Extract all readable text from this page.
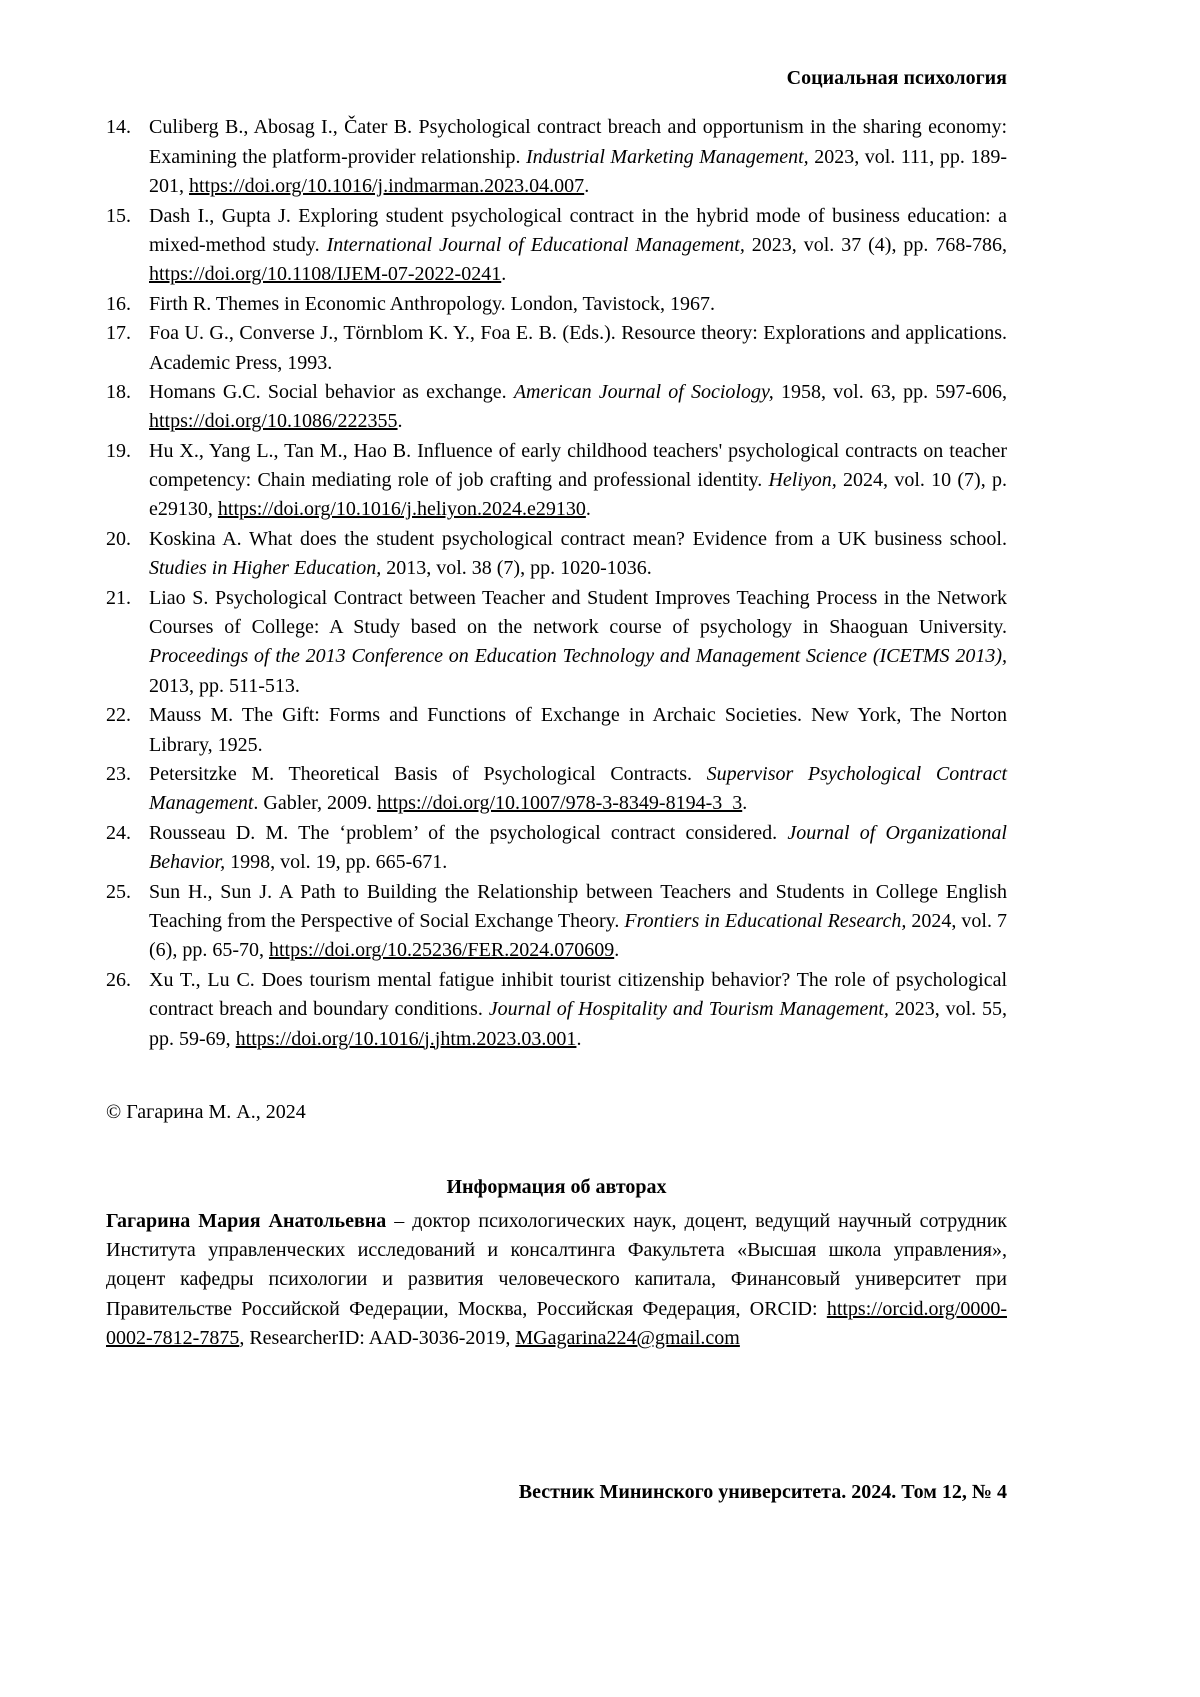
Социальная психология
14. Culiberg B., Abosag I., Čater B. Psychological contract breach and opportunism in the sharing economy: Examining the platform-provider relationship. Industrial Marketing Management, 2023, vol. 111, pp. 189-201, https://doi.org/10.1016/j.indmarman.2023.04.007.
15. Dash I., Gupta J. Exploring student psychological contract in the hybrid mode of business education: a mixed-method study. International Journal of Educational Management, 2023, vol. 37 (4), pp. 768-786, https://doi.org/10.1108/IJEM-07-2022-0241.
16. Firth R. Themes in Economic Anthropology. London, Tavistock, 1967.
17. Foa U. G., Converse J., Törnblom K. Y., Foa E. B. (Eds.). Resource theory: Explorations and applications. Academic Press, 1993.
18. Homans G.C. Social behavior as exchange. American Journal of Sociology, 1958, vol. 63, pp. 597-606, https://doi.org/10.1086/222355.
19. Hu X., Yang L., Tan M., Hao B. Influence of early childhood teachers' psychological contracts on teacher competency: Chain mediating role of job crafting and professional identity. Heliyon, 2024, vol. 10 (7), p. e29130, https://doi.org/10.1016/j.heliyon.2024.e29130.
20. Koskina A. What does the student psychological contract mean? Evidence from a UK business school. Studies in Higher Education, 2013, vol. 38 (7), pp. 1020-1036.
21. Liao S. Psychological Contract between Teacher and Student Improves Teaching Process in the Network Courses of College: A Study based on the network course of psychology in Shaoguan University. Proceedings of the 2013 Conference on Education Technology and Management Science (ICETMS 2013), 2013, pp. 511-513.
22. Mauss M. The Gift: Forms and Functions of Exchange in Archaic Societies. New York, The Norton Library, 1925.
23. Petersitzke M. Theoretical Basis of Psychological Contracts. Supervisor Psychological Contract Management. Gabler, 2009. https://doi.org/10.1007/978-3-8349-8194-3_3.
24. Rousseau D. M. The ‘problem’ of the psychological contract considered. Journal of Organizational Behavior, 1998, vol. 19, pp. 665-671.
25. Sun H., Sun J. A Path to Building the Relationship between Teachers and Students in College English Teaching from the Perspective of Social Exchange Theory. Frontiers in Educational Research, 2024, vol. 7 (6), pp. 65-70, https://doi.org/10.25236/FER.2024.070609.
26. Xu T., Lu C. Does tourism mental fatigue inhibit tourist citizenship behavior? The role of psychological contract breach and boundary conditions. Journal of Hospitality and Tourism Management, 2023, vol. 55, pp. 59-69, https://doi.org/10.1016/j.jhtm.2023.03.001.
© Гагарина М. А., 2024
Информация об авторах
Гагарина Мария Анатольевна – доктор психологических наук, доцент, ведущий научный сотрудник Института управленческих исследований и консалтинга Факультета «Высшая школа управления», доцент кафедры психологии и развития человеческого капитала, Финансовый университет при Правительстве Российской Федерации, Москва, Российская Федерация, ORCID: https://orcid.org/0000-0002-7812-7875, ResearcherID: AAD-3036-2019, MGagarina224@gmail.com
Вестник Мининского университета. 2024. Том 12, № 4
